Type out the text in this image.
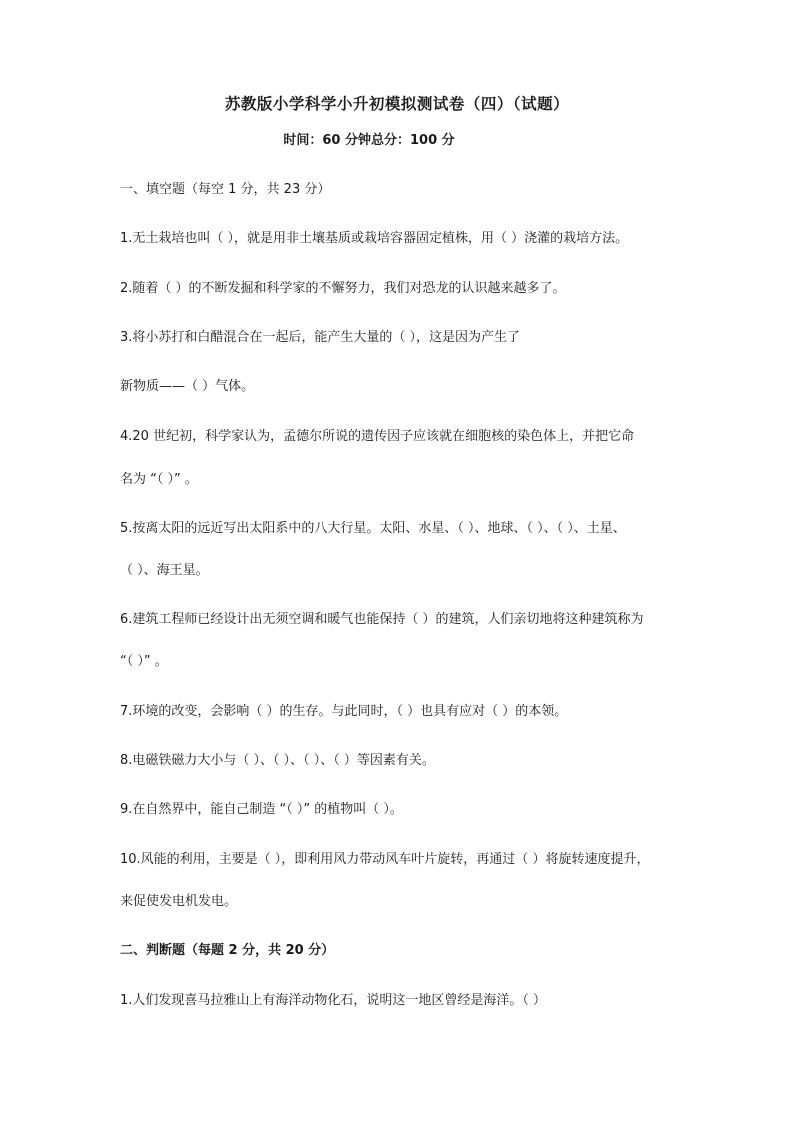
苏教版小学科学小升初模拟测试卷（四）（试题）
时间：60 分钟总分：100 分
一、填空题（每空 1 分，共 23 分）
1.无土栽培也叫（ ），就是用非土壤基质或栽培容器固定植株，用（ ）浇灌的栽培方法。
2.随着（ ）的不断发掘和科学家的不懈努力，我们对恐龙的认识越来越多了。
3.将小苏打和白醋混合在一起后，能产生大量的（ ），这是因为产生了
新物质——（ ）气体。
4.20 世纪初，科学家认为，孟德尔所说的遗传因子应该就在细胞核的染色体上，并把它命
名为 “（ ）” 。
5.按离太阳的远近写出太阳系中的八大行星。太阳、水星、（ ）、地球、（ ）、（ ）、土星、
（ ）、海王星。
6.建筑工程师已经设计出无须空调和暖气也能保持（ ）的建筑，人们亲切地将这种建筑称为
“（ ）” 。
7.环境的改变，会影响（ ）的生存。与此同时，（ ）也具有应对（ ）的本领。
8.电磁铁磁力大小与（ ）、（ ）、（ ）、（ ）等因素有关。
9.在自然界中，能自己制造 “（ ）” 的植物叫（ ）。
10.风能的利用，主要是（ ），即利用风力带动风车叶片旋转，再通过（ ）将旋转速度提升，
来促使发电机发电。
二、判断题（每题 2 分，共 20 分）
1.人们发现喜马拉雅山上有海洋动物化石，说明这一地区曾经是海洋。（ ）
